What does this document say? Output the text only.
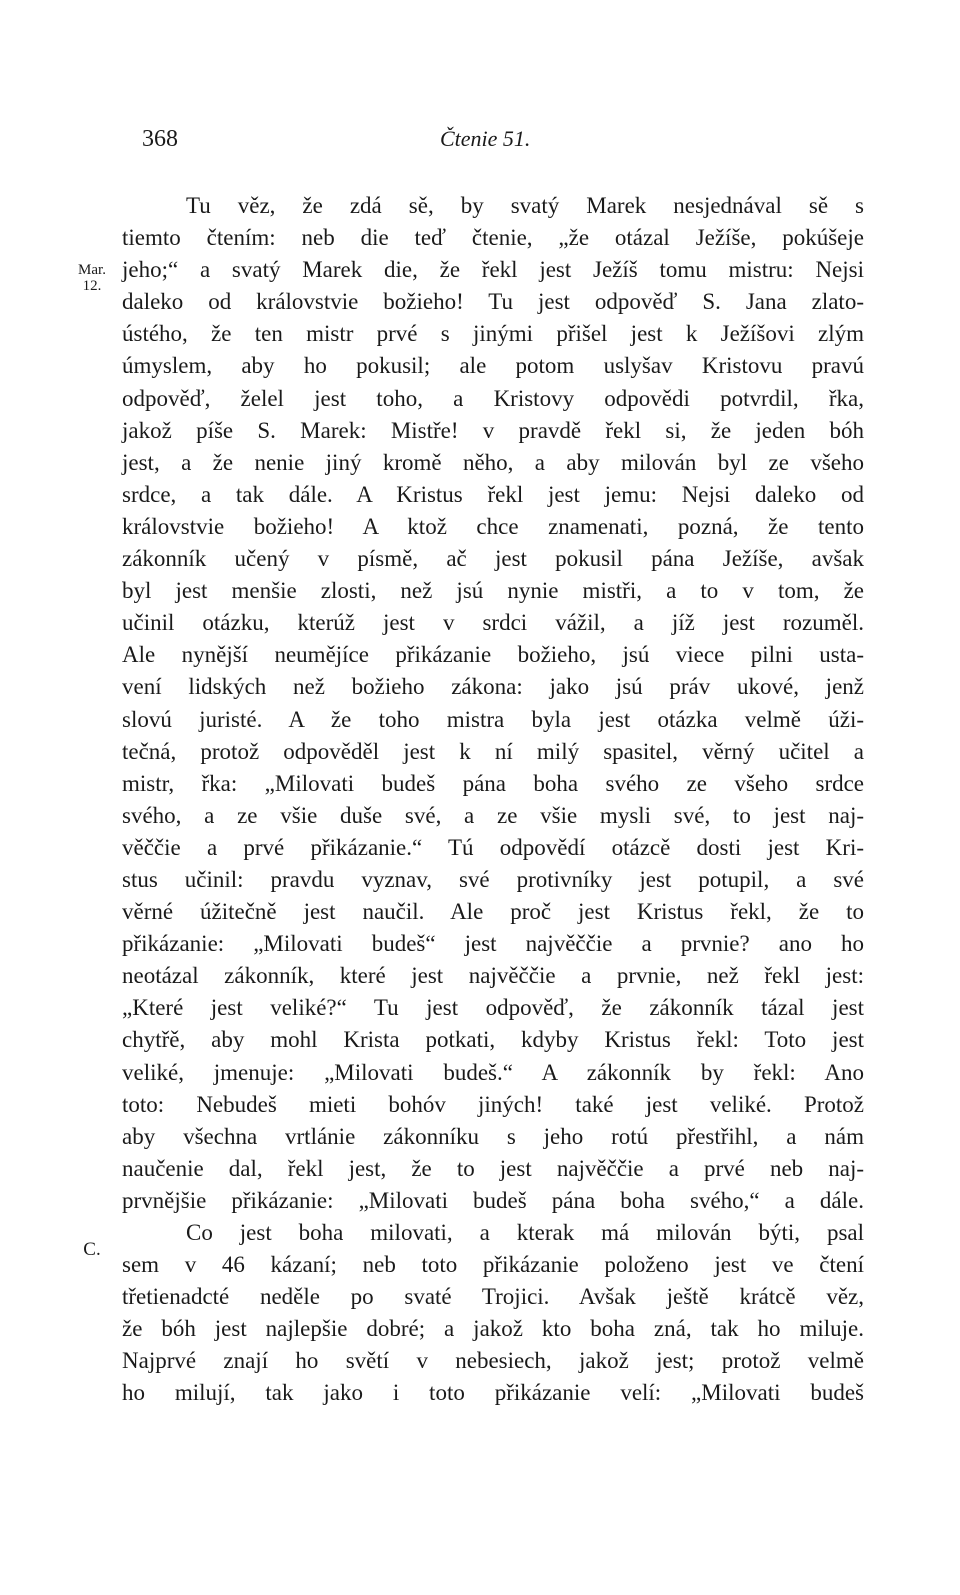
368	Čtenie 51.
Mar.
12.
C.
Tu věz, že zdá sě, by svatý Marek nesjednával sě s
tiemto čtením: neb die teď čtenie, „že otázal Ježíše, pokúšeje
jeho;“ a svatý Marek die, že řekl jest Ježíš tomu mistru: Nejsi
daleko od královstvie božieho! Tu jest odpověď S. Jana zlato-
ústého, že ten mistr prvé s jinými přišel jest k Ježíšovi zlým
úmyslem, aby ho pokusil; ale potom uslyšav Kristovu pravú
odpověď, želel jest toho, a Kristovy odpovědi potvrdil, řka,
jakož píše S. Marek: Mistře! v pravdě řekl si, že jeden bóh
jest, a že nenie jiný kromě něho, a aby milován byl ze všeho
srdce, a tak dále. A Kristus řekl jest jemu: Nejsi daleko od
královstvie božieho! A ktož chce znamenati, pozná, že tento
zákonník učený v písmě, ač jest pokusil pána Ježíše, avšak
byl jest menšie zlosti, než jsú nynie mistři, a to v tom, že
učinil otázku, kterúž jest v srdci vážil, a jíž jest rozuměl.
Ale nynější neumějíce přikázanie božieho, jsú viece pilni usta-
vení lidských než božieho zákona: jako jsú práv ukové, jenž
slovú juristé. A že toho mistra byla jest otázka velmě úži-
tečná, protož odpověděl jest k ní milý spasitel, věrný učitel a
mistr, řka: „Milovati budeš pána boha svého ze všeho srdce
svého, a ze všie duše své, a ze všie mysli své, to jest naj-
věččie a prvé přikázanie.“ Tú odpovědí otázcě dosti jest Kri-
stus učinil: pravdu vyznav, své protivníky jest potupil, a své
věrné úžitečně jest naučil. Ale proč jest Kristus řekl, že to
přikázanie: „Milovati budeš“ jest najvěččie a prvnie? ano ho
neotázal zákonník, které jest najvěččie a prvnie, než řekl jest:
„Které jest veliké?“ Tu jest odpověď, že zákonník tázal jest
chytřě, aby mohl Krista potkati, kdyby Kristus řekl: Toto jest
veliké, jmenuje: „Milovati budeš.“ A zákonník by řekl: Ano
toto: Nebudeš mieti bohóv jiných! také jest veliké. Protož
aby všechna vrtlánie zákonníku s jeho rotú přestřihl, a nám
naučenie dal, řekl jest, že to jest najvěččie a prvé neb naj-
prvnějšie přikázanie: „Milovati budeš pána boha svého,“ a dále.
Co jest boha milovati, a kterak má milován býti, psal
sem v 46 kázaní; neb toto přikázanie položeno jest ve čtení
třetienadcté neděle po svaté Trojici. Avšak ještě krátcě věz,
že bóh jest najlepšie dobré; a jakož kto boha zná, tak ho miluje.
Najprvé znají ho světí v nebesiech, jakož jest; protož velmě
ho milují, tak jako i toto přikázanie velí: „Milovati budeš
